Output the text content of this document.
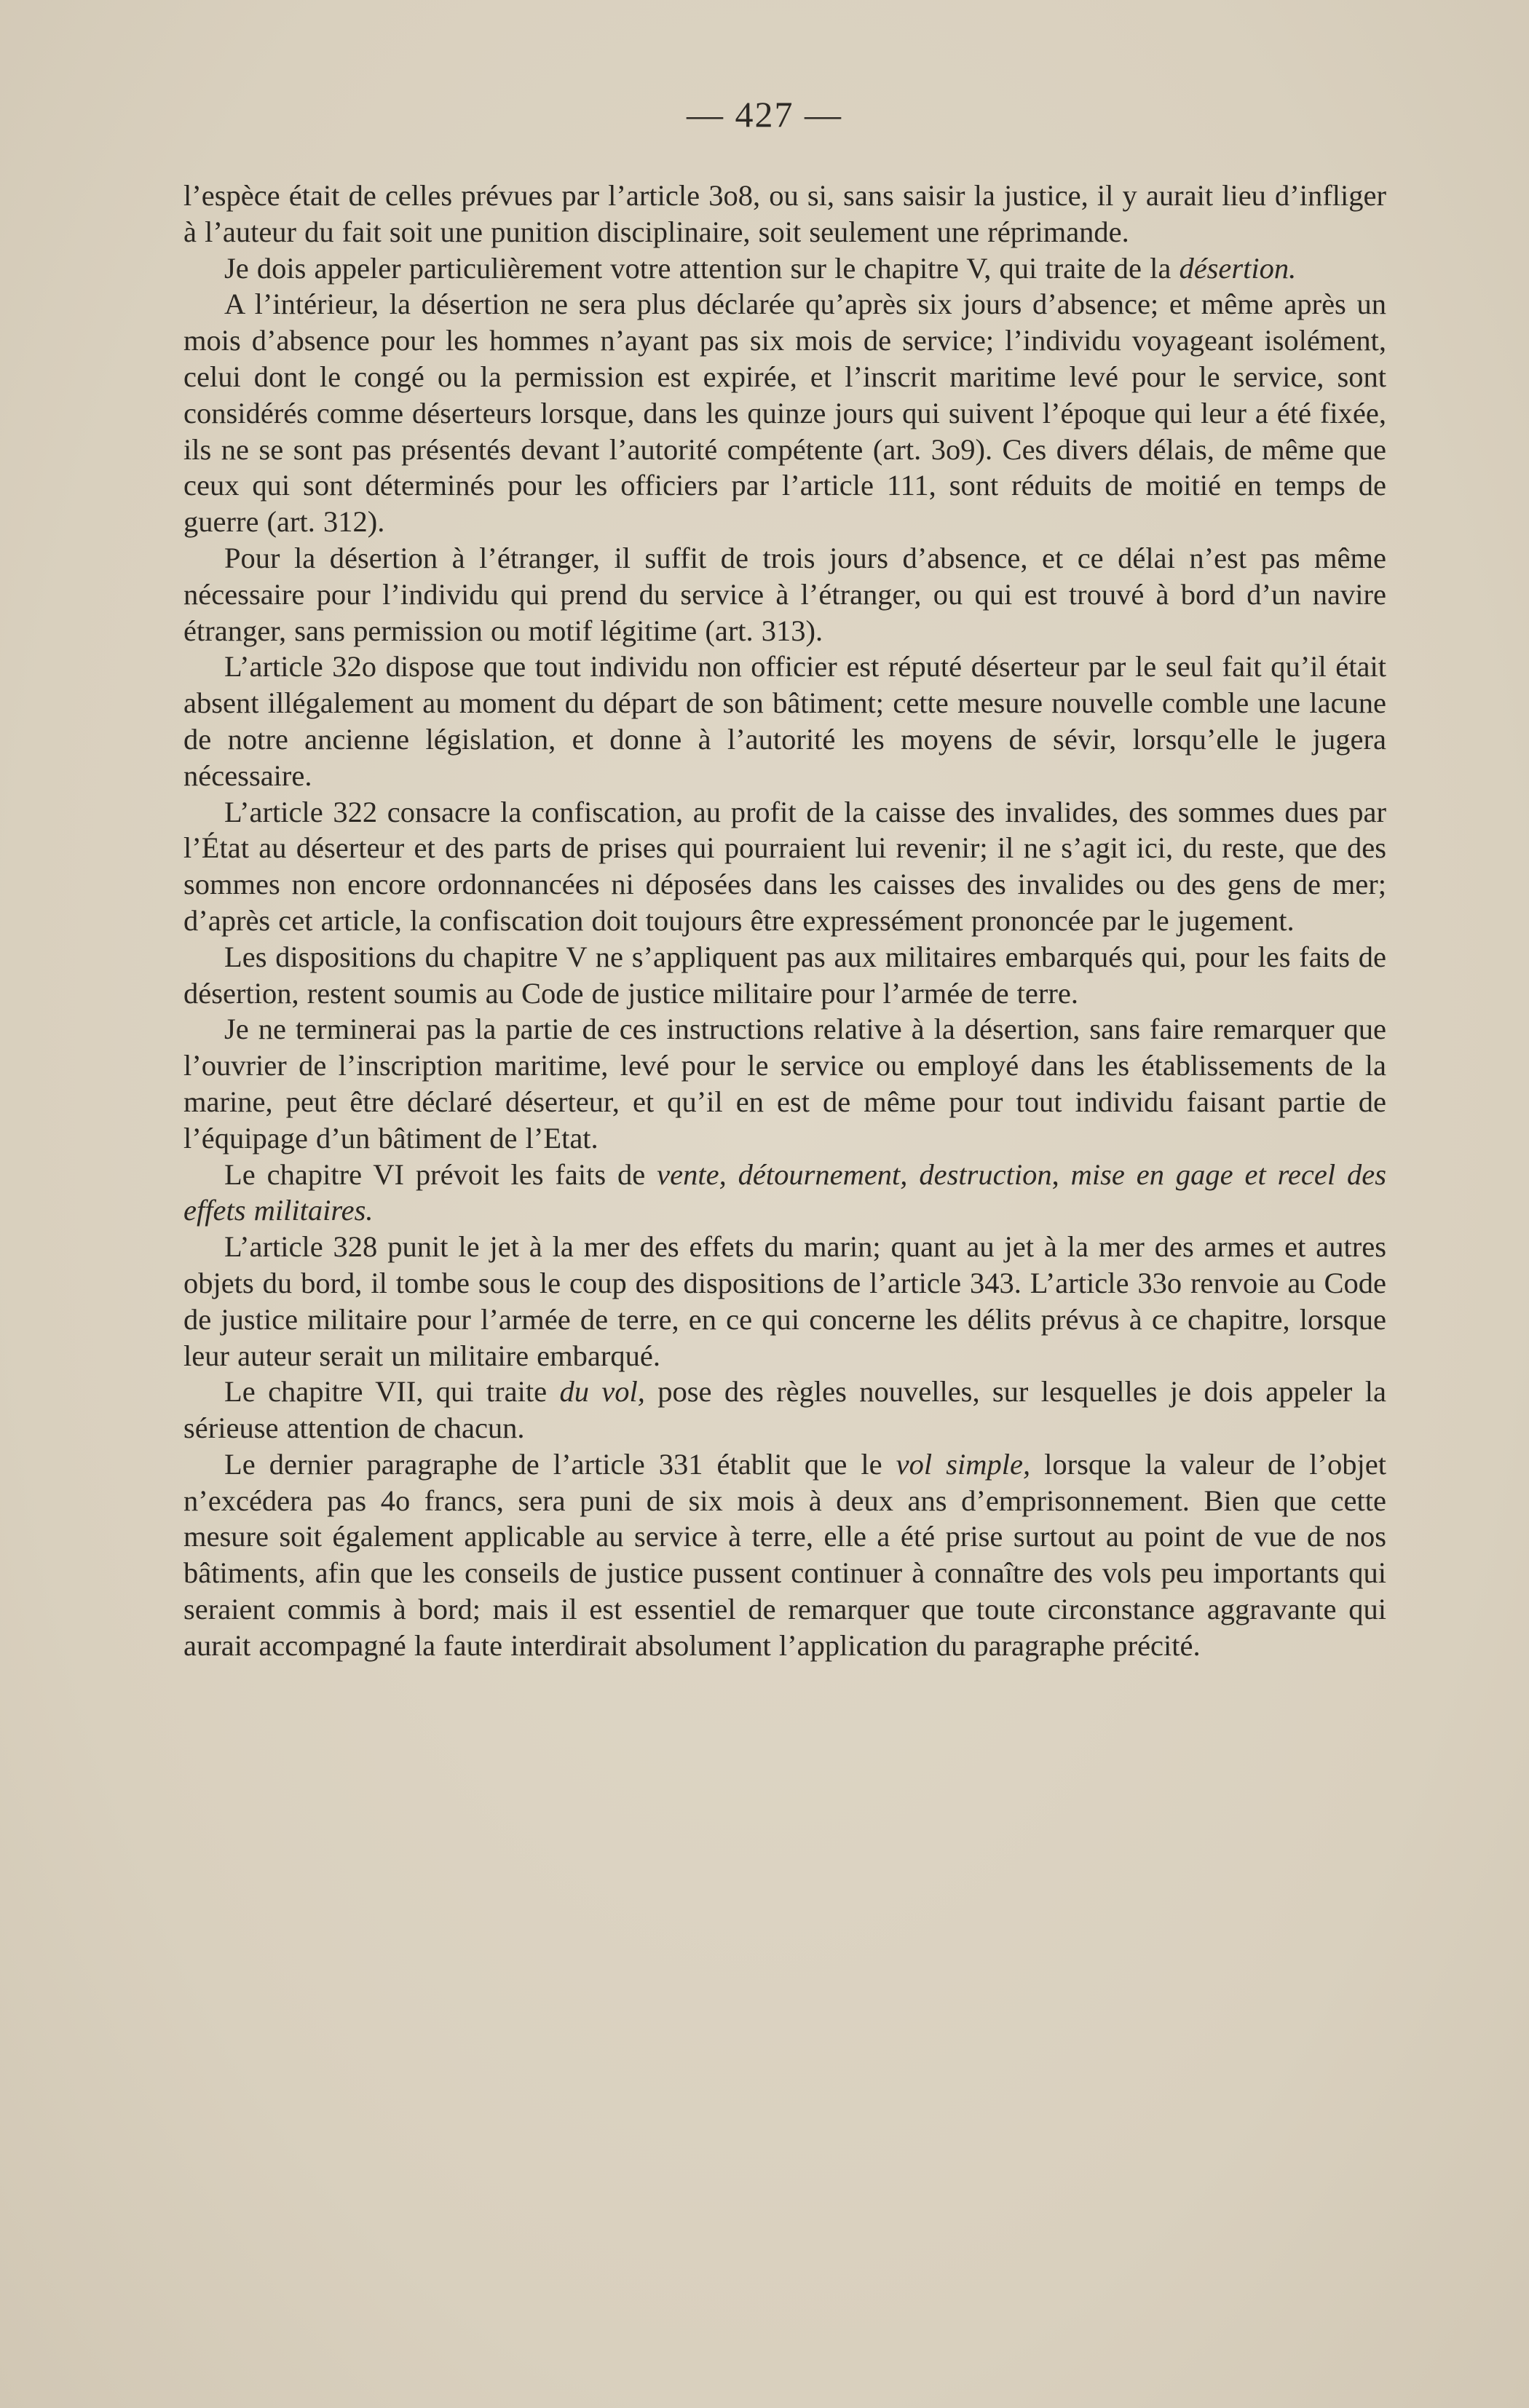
— 427 —

l’espèce était de celles prévues par l’article 3o8, ou si, sans saisir la justice, il y aurait lieu d’infliger à l’auteur du fait soit une punition disciplinaire, soit seulement une réprimande.

Je dois appeler particulièrement votre attention sur le chapitre V, qui traite de la désertion.

A l’intérieur, la désertion ne sera plus déclarée qu’après six jours d’absence; et même après un mois d’absence pour les hommes n’ayant pas six mois de service; l’individu voyageant isolément, celui dont le congé ou la permission est expirée, et l’inscrit maritime levé pour le service, sont considérés comme déserteurs lorsque, dans les quinze jours qui suivent l’époque qui leur a été fixée, ils ne se sont pas présentés devant l’autorité compétente (art. 3o9). Ces divers délais, de même que ceux qui sont déterminés pour les officiers par l’article 111, sont réduits de moitié en temps de guerre (art. 312).

Pour la désertion à l’étranger, il suffit de trois jours d’absence, et ce délai n’est pas même nécessaire pour l’individu qui prend du service à l’étranger, ou qui est trouvé à bord d’un navire étranger, sans permission ou motif légitime (art. 313).

L’article 32o dispose que tout individu non officier est réputé déserteur par le seul fait qu’il était absent illégalement au moment du départ de son bâtiment; cette mesure nouvelle comble une lacune de notre ancienne législation, et donne à l’autorité les moyens de sévir, lorsqu’elle le jugera nécessaire.

L’article 322 consacre la confiscation, au profit de la caisse des invalides, des sommes dues par l’État au déserteur et des parts de prises qui pourraient lui revenir; il ne s’agit ici, du reste, que des sommes non encore ordonnancées ni déposées dans les caisses des invalides ou des gens de mer; d’après cet article, la confiscation doit toujours être expressément prononcée par le jugement.

Les dispositions du chapitre V ne s’appliquent pas aux militaires embarqués qui, pour les faits de désertion, restent soumis au Code de justice militaire pour l’armée de terre.

Je ne terminerai pas la partie de ces instructions relative à la désertion, sans faire remarquer que l’ouvrier de l’inscription maritime, levé pour le service ou employé dans les établissements de la marine, peut être déclaré déserteur, et qu’il en est de même pour tout individu faisant partie de l’équipage d’un bâtiment de l’Etat.

Le chapitre VI prévoit les faits de vente, détournement, destruction, mise en gage et recel des effets militaires.

L’article 328 punit le jet à la mer des effets du marin; quant au jet à la mer des armes et autres objets du bord, il tombe sous le coup des dispositions de l’article 343. L’article 33o renvoie au Code de justice militaire pour l’armée de terre, en ce qui concerne les délits prévus à ce chapitre, lorsque leur auteur serait un militaire embarqué.

Le chapitre VII, qui traite du vol, pose des règles nouvelles, sur lesquelles je dois appeler la sérieuse attention de chacun.

Le dernier paragraphe de l’article 331 établit que le vol simple, lorsque la valeur de l’objet n’excédera pas 4o francs, sera puni de six mois à deux ans d’emprisonnement. Bien que cette mesure soit également applicable au service à terre, elle a été prise surtout au point de vue de nos bâtiments, afin que les conseils de justice pussent continuer à connaître des vols peu importants qui seraient commis à bord; mais il est essentiel de remarquer que toute circonstance aggravante qui aurait accompagné la faute interdirait absolument l’application du paragraphe précité.
